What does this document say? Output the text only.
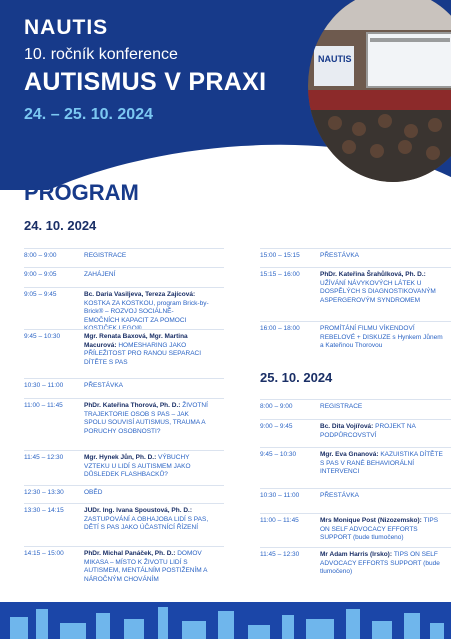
NAUTIS
10. ročník konference
AUTISMUS V PRAXI
24. – 25. 10. 2024
NAUTIS
PROGRAM
24. 10. 2024
25. 10. 2024
8:00 – 9:00	REGISTRACE
9:00 – 9:05	ZAHÁJENÍ
9:05 – 9:45	Bc. Daria Vasiljeva, Tereza Zajícová: KOSTKA ZA KOSTKOU, program Brick-by-Brick® – ROZVOJ SOCIÁLNĚ-EMOČNÍCH KAPACIT ZA POMOCI
9:45 – 10:30	Mgr. Renata Baxová, Mgr. Martina Macurová: HOMESHARING JAKO PŘÍLEŽITOST PRO RANOU SEPARACI DÍTĚTE S PAS
10:30 – 11:00	PŘESTÁVKA
11:00 – 11:45	PhDr. Kateřina Thorová, Ph. D.: ŽIVOTNÍ TRAJEKTORIE OSOB S PAS – JAK SPOLU SOUVISÍ AUTISMUS, TRAUMA A PORUCHY OSOBNOSTI?
11:45 – 12:30	Mgr. Hynek Jůn, Ph. D.: VÝBUCHY VZTEKU U LIDÍ S AUTISMEM JAKO DŮSLEDEK FLASHBACKŮ?
12:30 – 13:30	OBĚD
13:30 – 14:15	JUDr. Ing. Ivana Spoustová, Ph. D.: ZASTUPOVÁNÍ A OBHAJOBA LIDÍ S PAS, DĚTÍ S PAS JAKO ÚČASTNÍCÍ ŘÍZENÍ
14:15 – 15:00	PhDr. Michal Panáček, Ph. D.: DOMOV MIKASA – MÍSTO K ŽIVOTU LIDÍ S AUTISMEM, MENTÁLNÍM POSTIŽENÍM A NÁROČNÝM CHOVÁNÍM
15:00 – 15:15	PŘESTÁVKA
15:15 – 16:00	PhDr. Kateřina Šrahůlková, Ph. D.: UŽÍVÁNÍ NÁVYKOVÝCH LÁTEK U DOSPĚLÝCH S DIAGNOSTIKOVANÝM ASPERGEROVÝM SYNDROMEM
16:00 – 18:00	PROMÍTÁNÍ FILMU VÍKENDOVÍ REBELOVÉ + DISKUZE s Hynkem Jůnem a Kateřinou Thorovou
8:00 – 9:00	REGISTRACE
9:00 – 9:45	Bc. Dita Vojířová: PROJEKT NA PODPŮRCOVSTVÍ
9:45 – 10:30	Mgr. Eva Gnanová: KAZUISTIKA DÍTĚTE S PAS V RANÉ BEHAVIORÁLNÍ INTERVENCI
10:30 – 11:00	PŘESTÁVKA
11:00 – 11:45	Mrs Monique Post (Nizozemsko): TIPS ON SELF ADVOCACY EFFORTS SUPPORT (bude tlumočeno)
11:45 – 12:30	Mr Adam Harris (Irsko): TIPS ON SELF ADVOCACY EFFORTS SUPPORT (bude tlumočeno)
